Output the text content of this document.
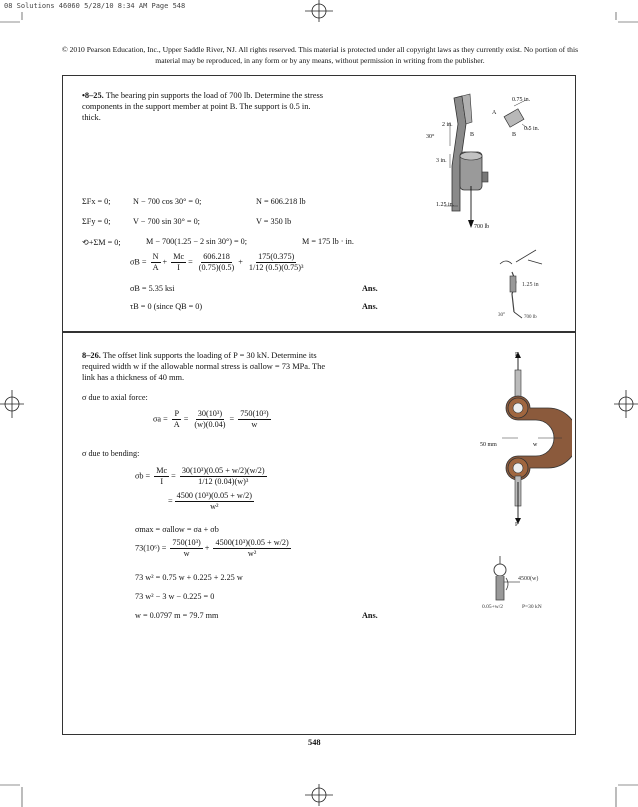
08 Solutions 46060 5/28/10 8:34 AM Page 548
© 2010 Pearson Education, Inc., Upper Saddle River, NJ. All rights reserved. This material is protected under all copyright laws as they currently exist. No portion of this material may be reproduced, in any form or by any means, without permission in writing from the publisher.
•8–25. The bearing pin supports the load of 700 lb. Determine the stress components in the support member at point B. The support is 0.5 in. thick.
0.75 in.
A
0.5 in.
B
2 in.
B
30°
3 in.
1.25 in.
700 lb
1.25 in
30°	700 lb
ΣFx = 0;	N − 700 cos 30° = 0;	N = 606.218 lb
ΣFy = 0;	V − 700 sin 30° = 0;	V = 350 lb
⟲+ΣM = 0;	M − 700(1.25 − 2 sin 30°) = 0;	M = 175 lb · in.
$\sigma B = \frac{N}{A} + \frac{Mc}{I} = \frac{606.218}{(0.75)(0.5)} + \frac{175(0.375)}{\text{1/12 (0.5)(0.75)³}}$
σB = 5.35 ksi	Ans.
τB = 0 (since QB = 0)	Ans.
8–26. The offset link supports the loading of P = 30 kN. Determine its required width w if the allowable normal stress is σallow = 73 MPa. The link has a thickness of 40 mm.
P
50 mm	w
P
4500(w)
0.05+w/2	P=30 kN
σ due to axial force:
$\sigma a = \frac{P}{A} = \frac{\text{30(10³)}}{(w)(0.04)} = \frac{\text{750(10³)}}{w}$
σ due to bending:
$\sigma b = \frac{Mc}{I} = \frac{\text{30(10³)(0.05 + w/2)(w/2)}}{\text{1/12 (0.04)(w)³}}$
= $\frac{\text{4500 (10³)(0.05 + w/2)}}{\text{w²}}$
σmax = σallow = σa + σb
$73(10^6) = \frac{\text{750(10³)}}{w} + \frac{\text{4500(10³)(0.05 + w/2)}}{\text{w²}}$
73 w² = 0.75 w + 0.225 + 2.25 w
73 w² − 3 w − 0.225 = 0
w = 0.0797 m = 79.7 mm	Ans.
548
